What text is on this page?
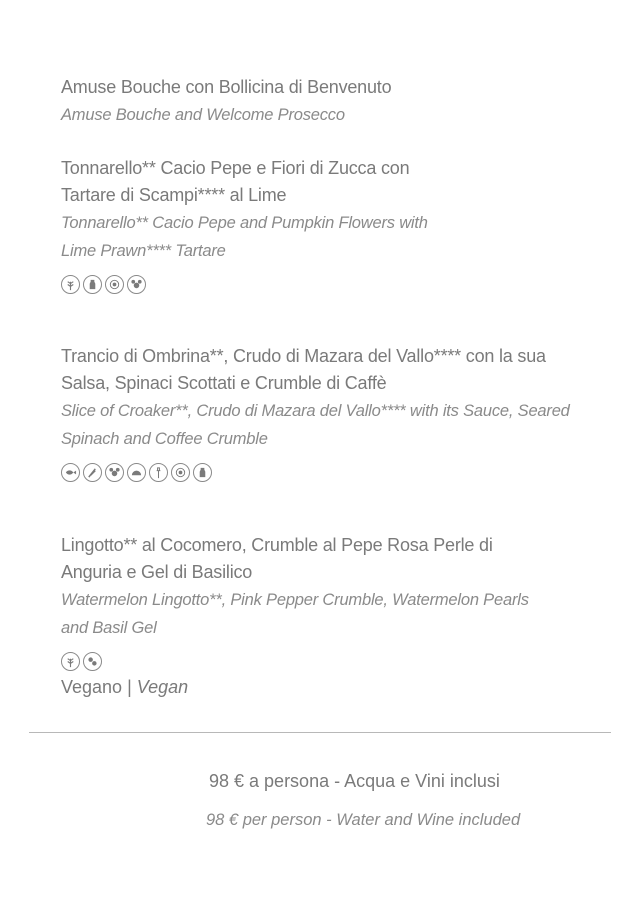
Amuse Bouche con Bollicina di Benvenuto
Amuse Bouche and Welcome Prosecco
Tonnarello** Cacio Pepe e Fiori di Zucca con
Tartare di Scampi**** al Lime
Tonnarello** Cacio Pepe and Pumpkin Flowers with
Lime Prawn**** Tartare
Trancio di Ombrina**, Crudo di Mazara del Vallo**** con la sua
Salsa, Spinaci Scottati e Crumble di Caffè
Slice of Croaker**, Crudo di Mazara del Vallo**** with its Sauce, Seared
Spinach and Coffee Crumble
Lingotto** al Cocomero, Crumble al Pepe Rosa Perle di
Anguria e Gel di Basilico
Watermelon Lingotto**, Pink Pepper Crumble, Watermelon Pearls
and Basil Gel
Vegano | Vegan
98 € a persona - Acqua e Vini inclusi
98 € per person - Water and Wine included
